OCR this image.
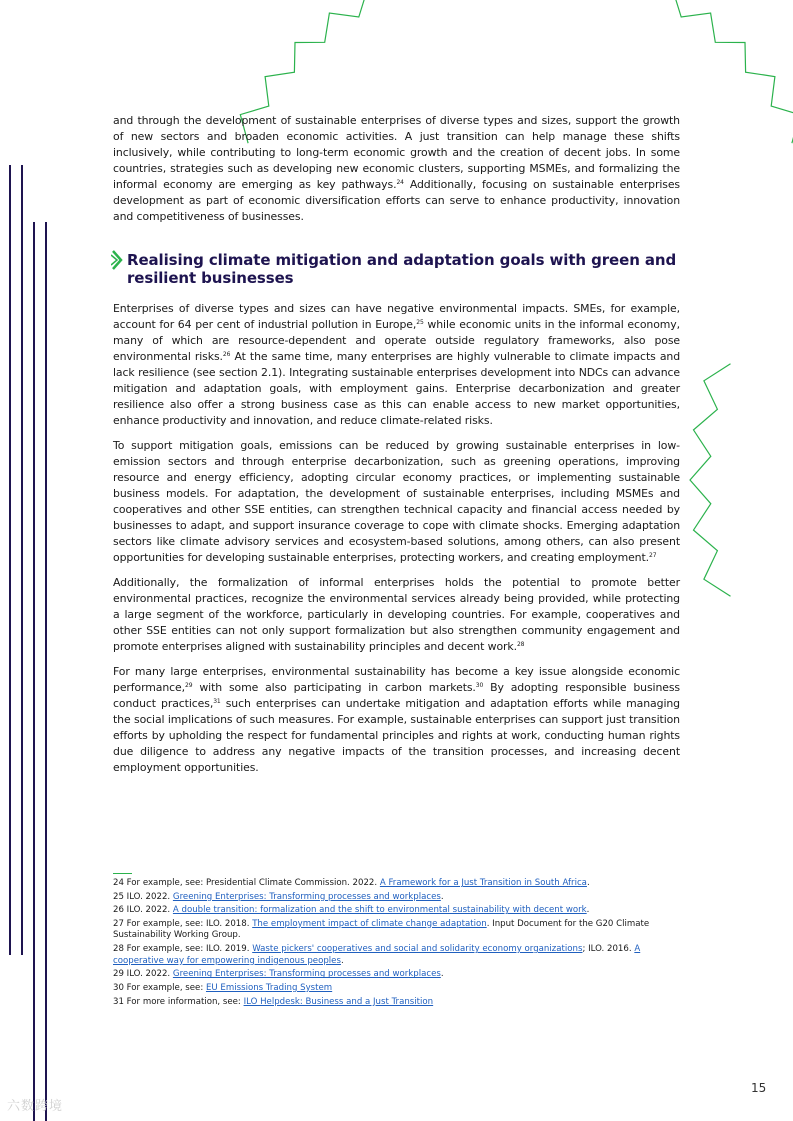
and through the development of sustainable enterprises of diverse types and sizes, support the growth of new sectors and broaden economic activities. A just transition can help manage these shifts inclusively, while contributing to long-term economic growth and the creation of decent jobs. In some countries, strategies such as developing new economic clusters, supporting MSMEs, and formalizing the informal economy are emerging as key pathways.$^{24}$ Additionally, focusing on sustainable enterprises development as part of economic diversification efforts can serve to enhance productivity, innovation and competitiveness of businesses.

Realising climate mitigation and adaptation goals with green and resilient businesses

Enterprises of diverse types and sizes can have negative environmental impacts. SMEs, for example, account for 64 per cent of industrial pollution in Europe,$^{25}$ while economic units in the informal economy, many of which are resource-dependent and operate outside regulatory frameworks, also pose environmental risks.$^{26}$ At the same time, many enterprises are highly vulnerable to climate impacts and lack resilience (see section 2.1). Integrating sustainable enterprises development into NDCs can advance mitigation and adaptation goals, with employment gains. Enterprise decarbonization and greater resilience also offer a strong business case as this can enable access to new market opportunities, enhance productivity and innovation, and reduce climate-related risks.

To support mitigation goals, emissions can be reduced by growing sustainable enterprises in low-emission sectors and through enterprise decarbonization, such as greening operations, improving resource and energy efficiency, adopting circular economy practices, or implementing sustainable business models. For adaptation, the development of sustainable enterprises, including MSMEs and cooperatives and other SSE entities, can strengthen technical capacity and financial access needed by businesses to adapt, and support insurance coverage to cope with climate shocks. Emerging adaptation sectors like climate advisory services and ecosystem-based solutions, among others, can also present opportunities for developing sustainable enterprises, protecting workers, and creating employment.$^{27}$

Additionally, the formalization of informal enterprises holds the potential to promote better environmental practices, recognize the environmental services already being provided, while protecting a large segment of the workforce, particularly in developing countries. For example, cooperatives and other SSE entities can not only support formalization but also strengthen community engagement and promote enterprises aligned with sustainability principles and decent work.$^{28}$

For many large enterprises, environmental sustainability has become a key issue alongside economic performance,$^{29}$ with some also participating in carbon markets.$^{30}$ By adopting responsible business conduct practices,$^{31}$ such enterprises can undertake mitigation and adaptation efforts while managing the social implications of such measures. For example, sustainable enterprises can support just transition efforts by upholding the respect for fundamental principles and rights at work, conducting human rights due diligence to address any negative impacts of the transition processes, and increasing decent employment opportunities.

24 For example, see: Presidential Climate Commission. 2022. A Framework for a Just Transition in South Africa.

25 ILO. 2022. Greening Enterprises: Transforming processes and workplaces.

26 ILO. 2022. A double transition: formalization and the shift to environmental sustainability with decent work.

27 For example, see: ILO. 2018. The employment impact of climate change adaptation. Input Document for the G20 Climate Sustainability Working Group.

28 For example, see: ILO. 2019. Waste pickers' cooperatives and social and solidarity economy organizations; ILO. 2016. A cooperative way for empowering indigenous peoples.

29 ILO. 2022. Greening Enterprises: Transforming processes and workplaces.

30 For example, see: EU Emissions Trading System

31 For more information, see: ILO Helpdesk: Business and a Just Transition

15
六数跨境
